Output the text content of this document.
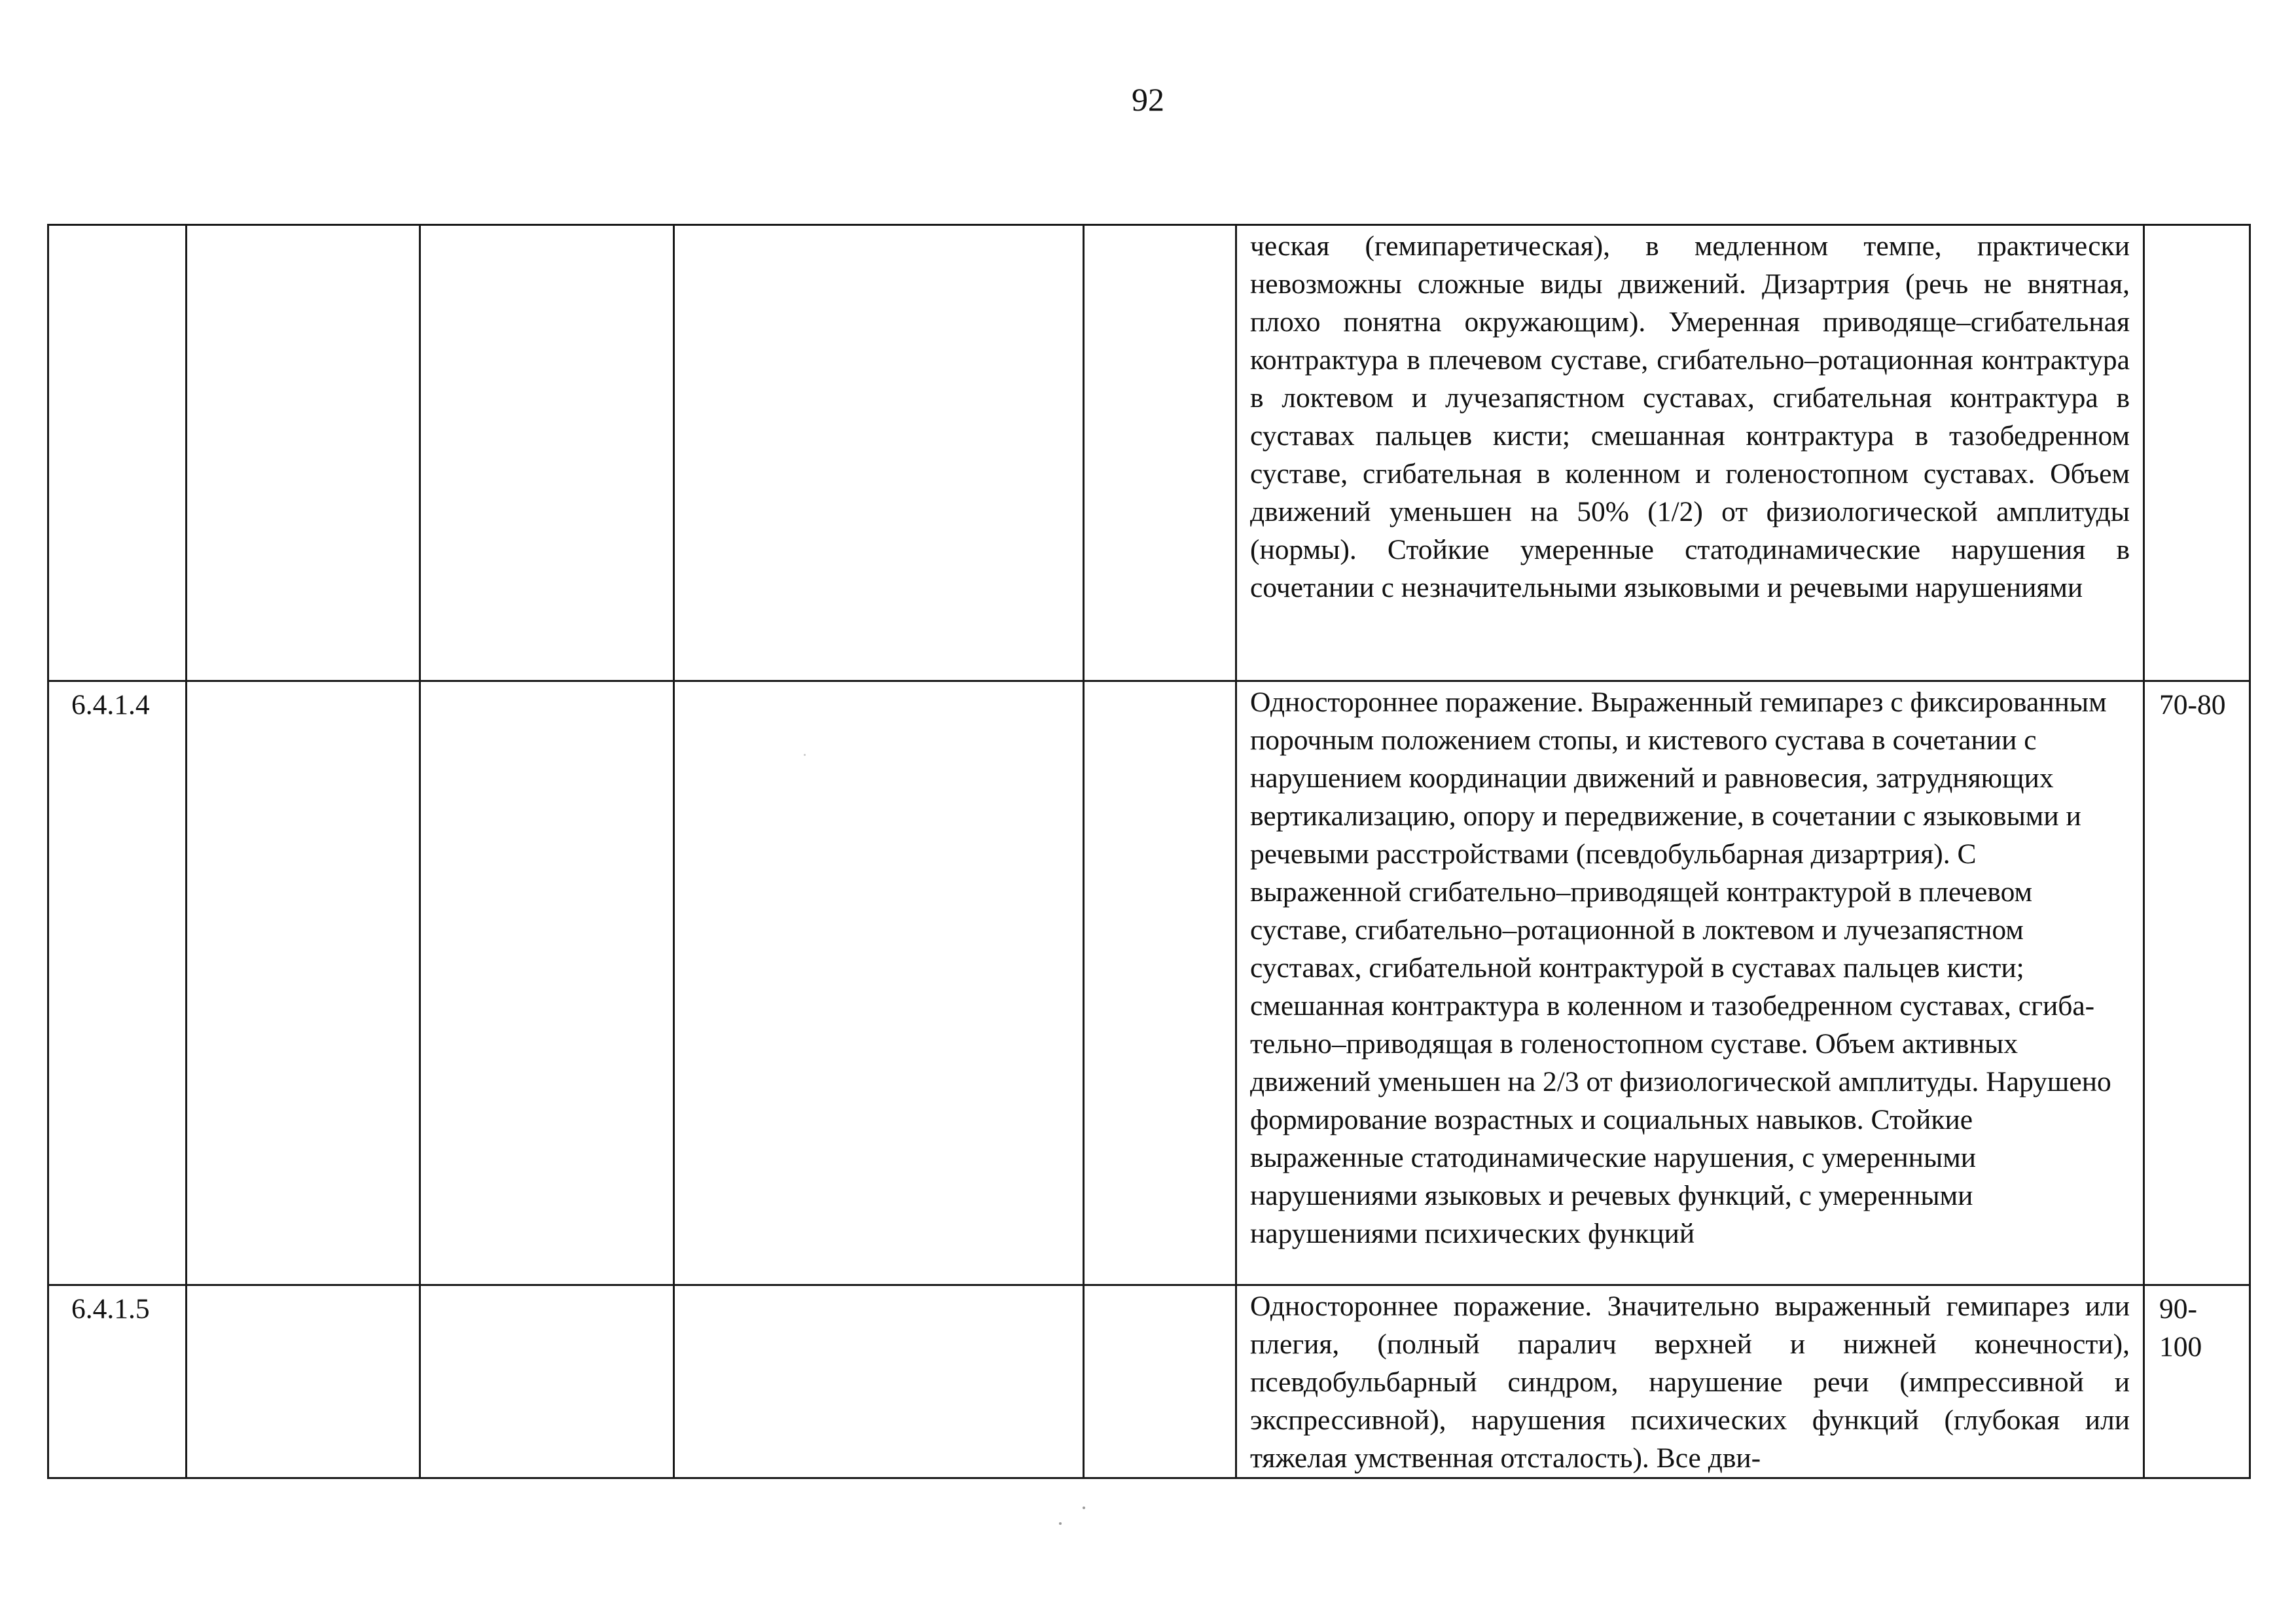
92
					ческая (гемипаретическая), в медленном темпе, практически невозможны сложные виды движений. Дизартрия (речь не внятная, плохо понятна окружающим). Умеренная приводяще–сгибательная контрактура в плечевом суставе, сгибательно–ротационная контрактура в локтевом и лучезапястном суставах, сгибательная контрактура в суставах пальцев кисти; смешанная контрактура в тазобедренном суставе, сгибательная в коленном и голеностопном суставах. Объем движений уменьшен на 50% (1/2) от физиологической амплитуды (нормы). Стойкие умеренные статодинамические нарушения в сочетании с незначительными языковыми и речевыми нарушениями	
6.4.1.4					Одностороннее поражение. Выраженный гемипарез с фиксированным порочным положением стопы, и кистевого сустава в сочетании с нарушением координации движений и равновесия, затрудняющих вертикализацию, опору и передвижение, в сочетании с языковыми и речевыми расстройствами (псевдобульбарная дизартрия). С выраженной сгибательно–приводящей контрактурой в плечевом суставе, сгибательно–ротационной в локтевом и лучезапястном суставах, сгибательной контрактурой в суставах пальцев кисти; смешанная контрактура в коленном и тазобедренном суставах, сгибательно–приводящая в голеностопном суставе. Объем активных движений уменьшен на 2/3 от физиологической амплитуды. Нарушено формирование возрастных и социальных навыков. Стойкие выраженные статодинамические нарушения, с умеренными нарушениями языковых и речевых функций, с умеренными нарушениями психических функций	70-80
6.4.1.5					Одностороннее поражение. Значительно выраженный гемипарез или плегия, (полный паралич верхней и нижней конечности), псевдобульбарный синдром, нарушение речи (импрессивной и экспрессивной), нарушения психических функций (глубокая или тяжелая умственная отсталость). Все дви-	90-
100
